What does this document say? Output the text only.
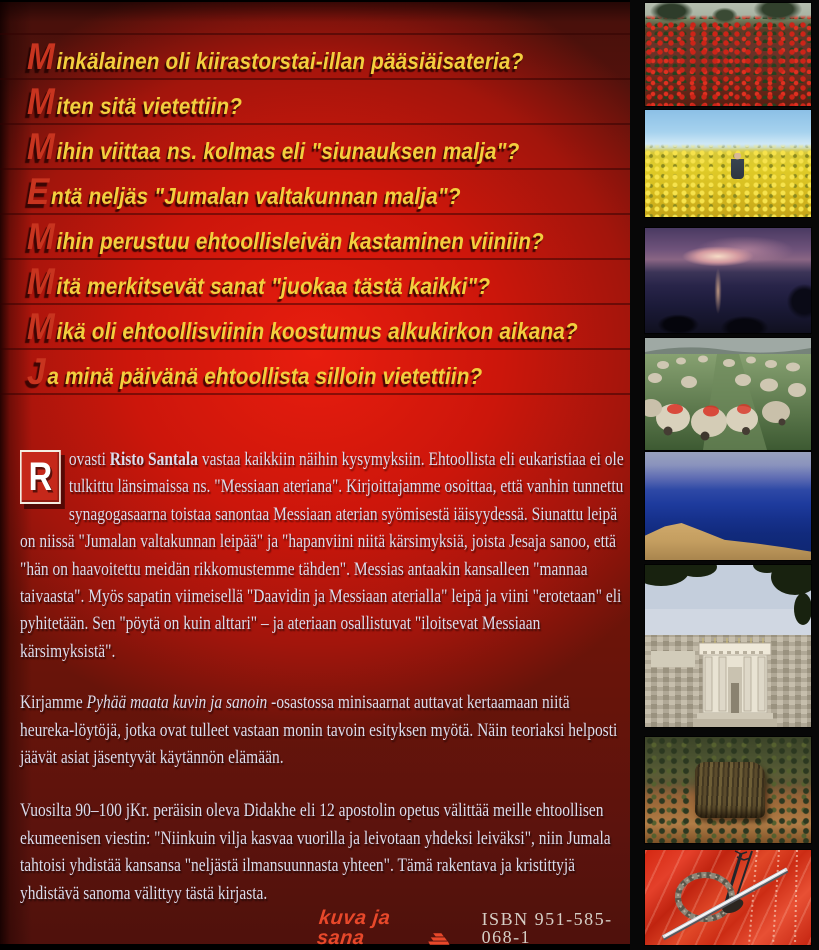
M inkälainen oli kiirastorstai-illan pääsiäisateria?
M iten sitä vietettiin?
M ihin viittaa ns. kolmas eli "siunauksen malja"?
E ntä neljäs "Jumalan valtakunnan malja"?
M ihin perustuu ehtoollisleivän kastaminen viiniin?
M itä merkitsevät sanat "juokaa tästä kaikki"?
M ikä oli ehtoollisviinin koostumus alkukirkon aikana?
J a minä päivänä ehtoollista silloin vietettiin?

R ovasti Risto Santala vastaa kaikkiin näihin kysymyksiin. Ehtoollista eli eukaristiaa ei ole tulkittu länsimaissa ns. "Messiaan ateriana". Kirjoittajamme osoittaa, että vanhin tunnettu synagogasaarna toistaa sanontaa Messiaan aterian syömisestä iäisyydessä. Siunattu leipä on niissä "Jumalan valtakunnan leipää" ja "hapanviini niitä kärsimyksiä, joista Jesaja sanoo, että "hän on haavoitettu meidän rikkomustemme tähden". Messias antaakin kansalleen "mannaa taivaasta". Myös sapatin viimeisellä "Daavidin ja Messiaan aterialla" leipä ja viini "erotetaan" eli pyhitetään. Sen "pöytä on kuin alttari" – ja ateriaan osallistuvat "iloitsevat Messiaan kärsimyksistä".

Kirjamme Pyhää maata kuvin ja sanoin -osastossa minisaarnat auttavat kertaamaan niitä heureka-löytöjä, jotka ovat tulleet vastaan monin tavoin esityksen myötä. Näin teoriaksi helposti jäävät asiat jäsentyvät käytännön elämään.

Vuosilta 90–100 jKr. peräisin oleva Didakhe eli 12 apostolin opetus välittää meille ehtoollisen ekumeenisen viestin: "Niinkuin vilja kasvaa vuorilla ja leivotaan yhdeksi leiväksi", niin Jumala tahtoisi yhdistää kansansa "neljästä ilmansuunnasta yhteen". Tämä rakentava ja kristittyjä yhdistävä sanoma välittyy tästä kirjasta.

kuva ja sana
ISBN 951-585-068-1
